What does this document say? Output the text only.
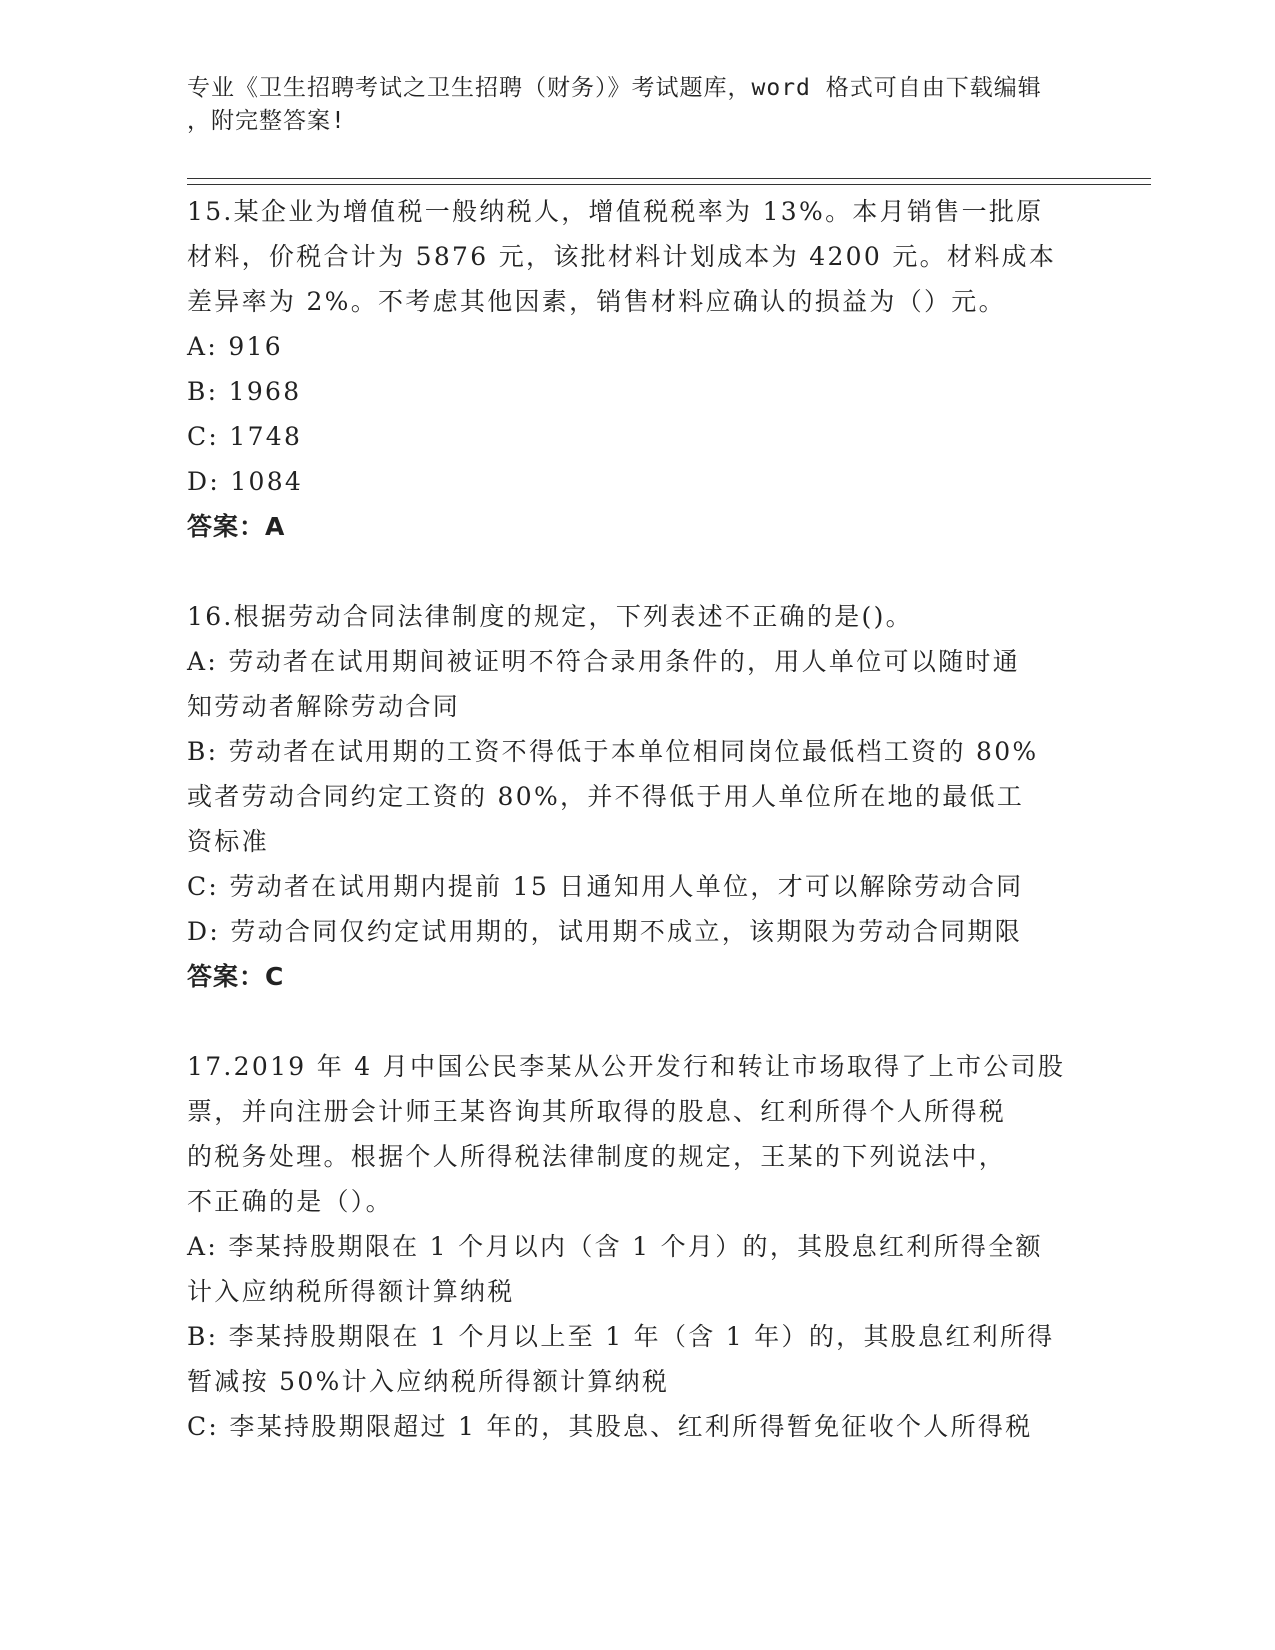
专业《卫生招聘考试之卫生招聘（财务）》考试题库，word 格式可自由下载编辑
，附完整答案!
15.某企业为增值税一般纳税人，增值税税率为 13%。本月销售一批原
材料，价税合计为 5876 元，该批材料计划成本为 4200 元。材料成本
差异率为 2%。不考虑其他因素，销售材料应确认的损益为（）元。
A: 916
B: 1968
C: 1748
D: 1084
答案：A
16.根据劳动合同法律制度的规定，下列表述不正确的是()。
A: 劳动者在试用期间被证明不符合录用条件的，用人单位可以随时通
知劳动者解除劳动合同
B: 劳动者在试用期的工资不得低于本单位相同岗位最低档工资的 80%
或者劳动合同约定工资的 80%，并不得低于用人单位所在地的最低工
资标准
C: 劳动者在试用期内提前 15 日通知用人单位，才可以解除劳动合同
D: 劳动合同仅约定试用期的，试用期不成立，该期限为劳动合同期限
答案：C
17.2019 年 4 月中国公民李某从公开发行和转让市场取得了上市公司股
票，并向注册会计师王某咨询其所取得的股息、红利所得个人所得税
的税务处理。根据个人所得税法律制度的规定，王某的下列说法中，
不正确的是（）。
A: 李某持股期限在 1 个月以内（含 1 个月）的，其股息红利所得全额
计入应纳税所得额计算纳税
B: 李某持股期限在 1 个月以上至 1 年（含 1 年）的，其股息红利所得
暂减按 50%计入应纳税所得额计算纳税
C: 李某持股期限超过 1 年的，其股息、红利所得暂免征收个人所得税
